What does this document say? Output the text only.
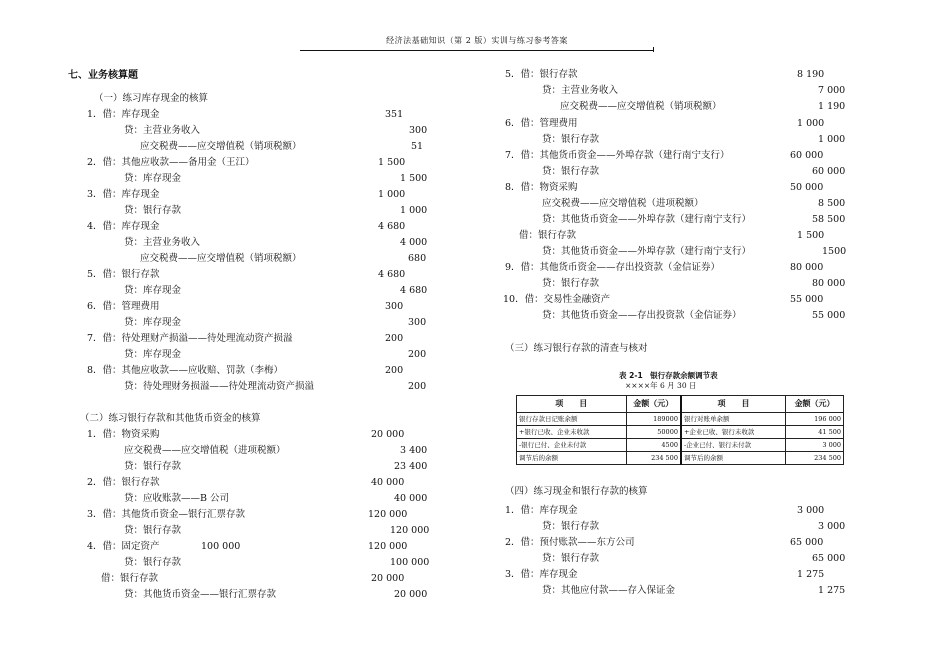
经济法基础知识（第 2 版）实训与练习参考答案
七、业务核算题
（一）练习库存现金的核算
1．借：库存现金	351
贷：主营业务收入	300
应交税费——应交增值税（销项税额）	51
2．借：其他应收款——备用金（王江）	1 500
贷：库存现金	1 500
3．借：库存现金	1 000
贷：银行存款	1 000
4．借：库存现金	4 680
贷：主营业务收入	4 000
应交税费——应交增值税（销项税额）	680
5．借：银行存款	4 680
贷：库存现金	4 680
6．借：管理费用	300
贷：库存现金	300
7．借：待处理财产损溢——待处理流动资产损溢	200
贷：库存现金	200
8．借：其他应收款——应收赔、罚款（李梅）	200
贷：待处理财务损溢——待处理流动资产损溢	200
（二）练习银行存款和其他货币资金的核算
1．借：物资采购	20 000
应交税费——应交增值税（进项税额）	3 400
贷：银行存款	23 400
2．借：银行存款	40 000
贷：应收账款——B 公司	40 000
3．借：其他货币资金—银行汇票存款	120 000
贷：银行存款	120 000
4．借：固定资产	100 000	120 000
贷：银行存款	100 000
借：银行存款	20 000
贷：其他货币资金——银行汇票存款	20 000
5．借：银行存款	8 190
贷：主营业务收入	7 000
应交税费——应交增值税（销项税额）	1 190
6．借：管理费用	1 000
贷：银行存款	1 000
7．借：其他货币资金——外埠存款（建行南宁支行）	60 000
贷：银行存款	60 000
8．借：物资采购	50 000
应交税费——应交增值税（进项税额）	8 500
贷：其他货币资金——外埠存款（建行南宁支行）	58 500
借：银行存款	1 500
贷：其他货币资金——外埠存款（建行南宁支行）	1500
9．借：其他货币资金——存出投资款（金信证券）	80 000
贷：银行存款	80 000
10．借：交易性金融资产	55 000
贷：其他货币资金——存出投资款（金信证券）	55 000
（三）练习银行存款的清查与核对
（四）练习现金和银行存款的核算
1．借：库存现金	3 000
贷：银行存款	3 000
2．借：预付账款——东方公司	65 000
贷：银行存款	65 000
3．借：库存现金	1 275
贷：其他应付款——存入保证金	1 275
表 2-1　银行存款余额调节表
××××年 6 月 30 日
项　　目	金额（元）	项　　目	金额（元）
银行存款日记账余额	189000	银行对账单余额	196 000
+银行已收、企业未收款	50000	+企业已收、银行未收款	41 500
-银行已付、企业未付款	4500	-企业已付、银行未付款	3 000
调节后的余额	234 500	调节后的余额	234 500
